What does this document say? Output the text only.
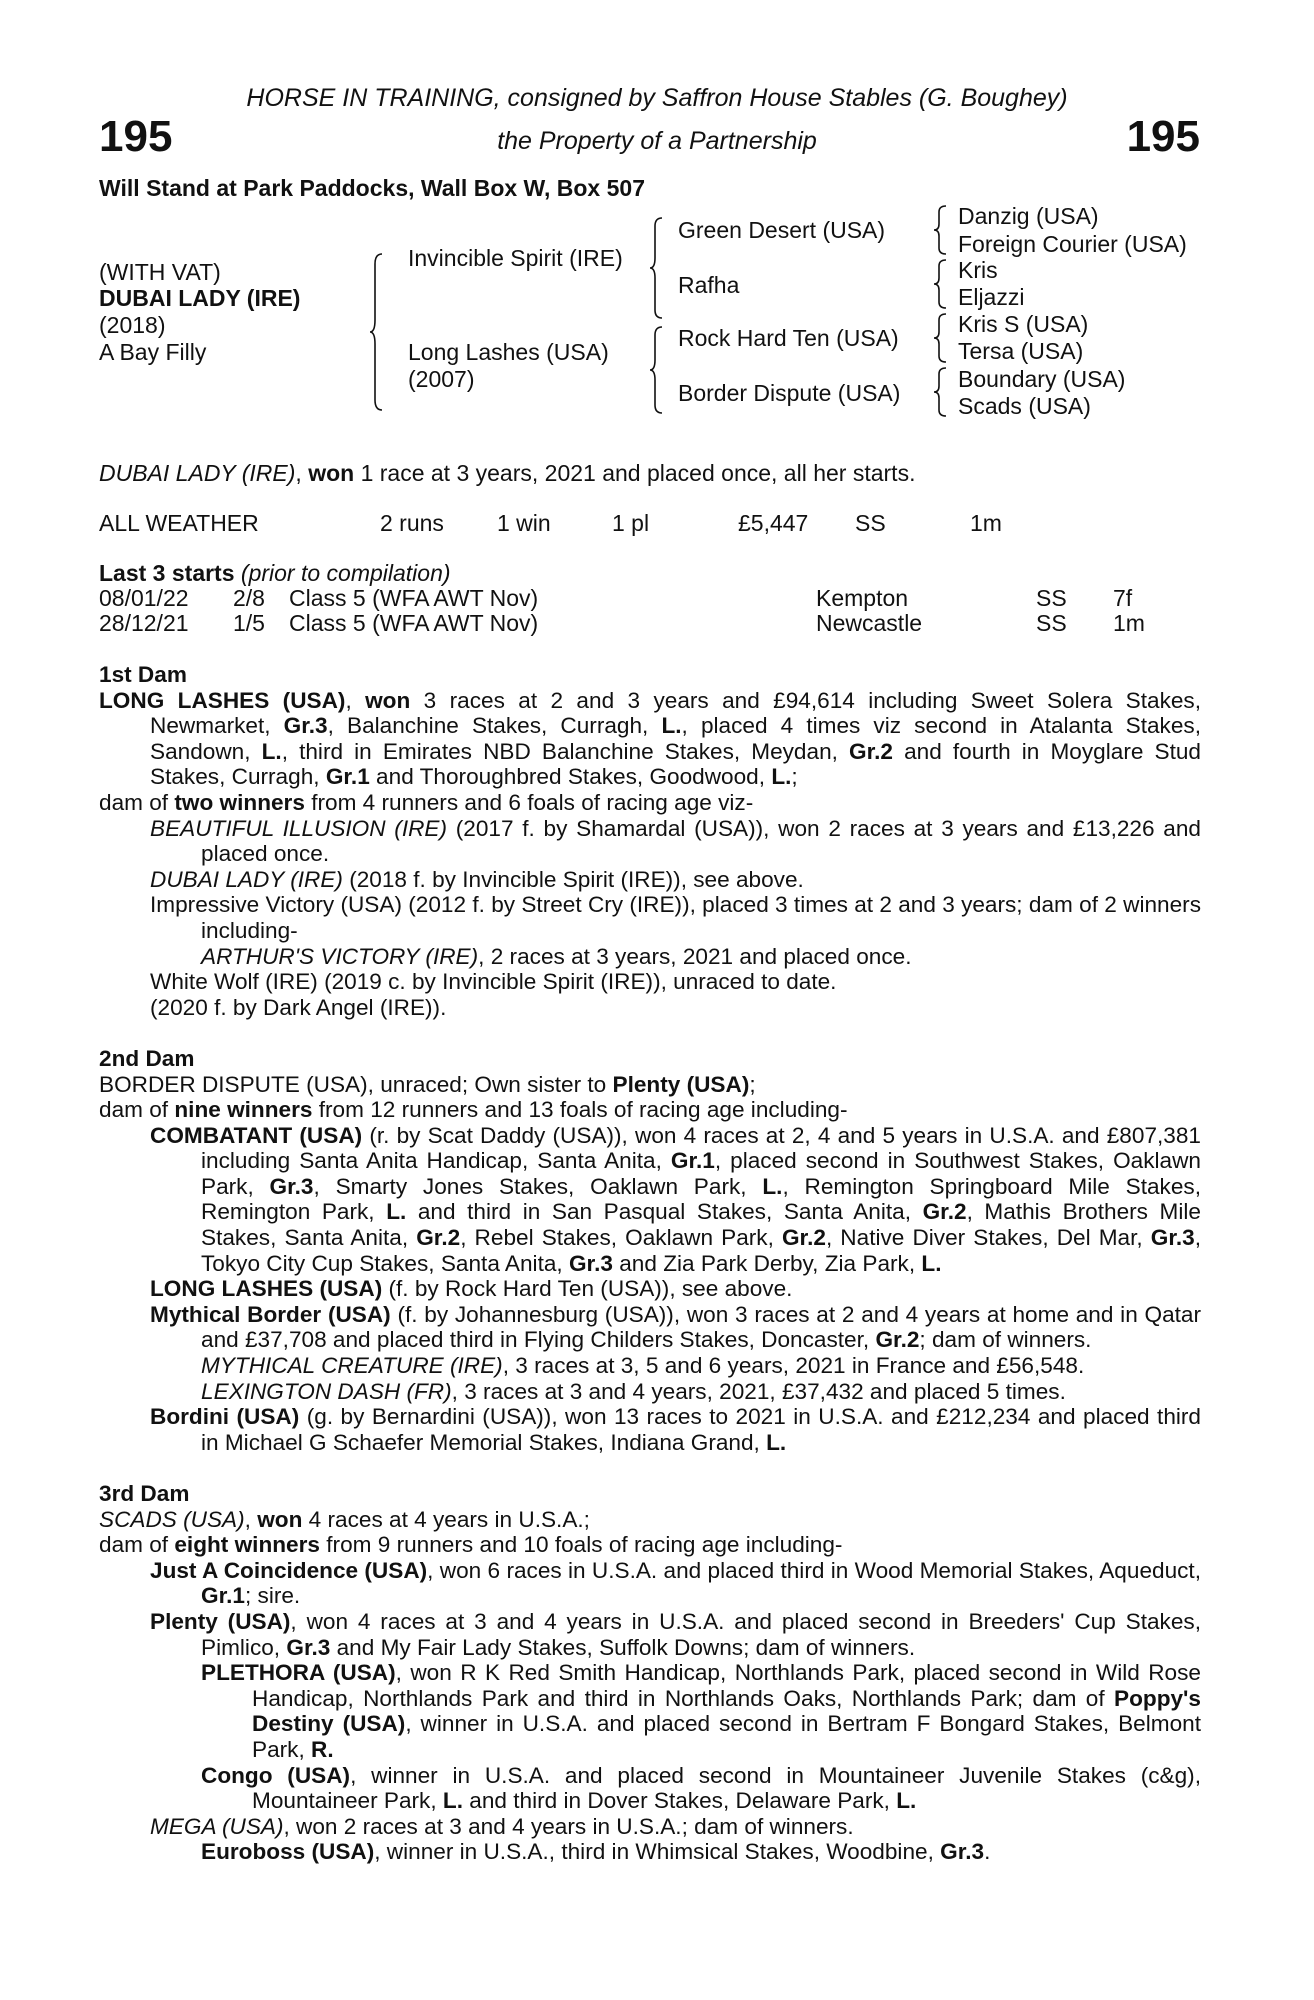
HORSE IN TRAINING, consigned by Saffron House Stables (G. Boughey)
the Property of a Partnership
195	195
Will Stand at Park Paddocks, Wall Box W, Box 507
(WITH VAT)
DUBAI LADY (IRE)
(2018)
A Bay Filly
Invincible Spirit (IRE)
Long Lashes (USA)
(2007)
Green Desert (USA)
Rafha
Rock Hard Ten (USA)
Border Dispute (USA)
Danzig (USA)
Foreign Courier (USA)
Kris
Eljazzi
Kris S (USA)
Tersa (USA)
Boundary (USA)
Scads (USA)
DUBAI LADY (IRE), won 1 race at 3 years, 2021 and placed once, all her starts.
ALL WEATHER	2 runs 1 win	1 pl	£5,447 SS	1m
Last 3 starts (prior to compilation)
08/01/22 2/8 Class 5 (WFA AWT Nov)	Kempton	SS 7f
28/12/21 1/5 Class 5 (WFA AWT Nov)	Newcastle	SS 1m
1st Dam
LONG LASHES (USA), won 3 races at 2 and 3 years and £94,614 including Sweet Solera Stakes, Newmarket, Gr.3, Balanchine Stakes, Curragh, L., placed 4 times viz second in Atalanta Stakes, Sandown, L., third in Emirates NBD Balanchine Stakes, Meydan, Gr.2 and fourth in Moyglare Stud Stakes, Curragh, Gr.1 and Thoroughbred Stakes, Goodwood, L.;
dam of two winners from 4 runners and 6 foals of racing age viz-
BEAUTIFUL ILLUSION (IRE) (2017 f. by Shamardal (USA)), won 2 races at 3 years and £13,226 and placed once.
DUBAI LADY (IRE) (2018 f. by Invincible Spirit (IRE)), see above.
Impressive Victory (USA) (2012 f. by Street Cry (IRE)), placed 3 times at 2 and 3 years; dam of 2 winners including-
ARTHUR'S VICTORY (IRE), 2 races at 3 years, 2021 and placed once.
White Wolf (IRE) (2019 c. by Invincible Spirit (IRE)), unraced to date.
(2020 f. by Dark Angel (IRE)).
2nd Dam
BORDER DISPUTE (USA), unraced; Own sister to Plenty (USA);
dam of nine winners from 12 runners and 13 foals of racing age including-
COMBATANT (USA) (r. by Scat Daddy (USA)), won 4 races at 2, 4 and 5 years in U.S.A. and £807,381 including Santa Anita Handicap, Santa Anita, Gr.1, placed second in Southwest Stakes, Oaklawn Park, Gr.3, Smarty Jones Stakes, Oaklawn Park, L., Remington Springboard Mile Stakes, Remington Park, L. and third in San Pasqual Stakes, Santa Anita, Gr.2, Mathis Brothers Mile Stakes, Santa Anita, Gr.2, Rebel Stakes, Oaklawn Park, Gr.2, Native Diver Stakes, Del Mar, Gr.3, Tokyo City Cup Stakes, Santa Anita, Gr.3 and Zia Park Derby, Zia Park, L.
LONG LASHES (USA) (f. by Rock Hard Ten (USA)), see above.
Mythical Border (USA) (f. by Johannesburg (USA)), won 3 races at 2 and 4 years at home and in Qatar and £37,708 and placed third in Flying Childers Stakes, Doncaster, Gr.2; dam of winners.
MYTHICAL CREATURE (IRE), 3 races at 3, 5 and 6 years, 2021 in France and £56,548.
LEXINGTON DASH (FR), 3 races at 3 and 4 years, 2021, £37,432 and placed 5 times.
Bordini (USA) (g. by Bernardini (USA)), won 13 races to 2021 in U.S.A. and £212,234 and placed third in Michael G Schaefer Memorial Stakes, Indiana Grand, L.
3rd Dam
SCADS (USA), won 4 races at 4 years in U.S.A.;
dam of eight winners from 9 runners and 10 foals of racing age including-
Just A Coincidence (USA), won 6 races in U.S.A. and placed third in Wood Memorial Stakes, Aqueduct, Gr.1; sire.
Plenty (USA), won 4 races at 3 and 4 years in U.S.A. and placed second in Breeders' Cup Stakes, Pimlico, Gr.3 and My Fair Lady Stakes, Suffolk Downs; dam of winners.
PLETHORA (USA), won R K Red Smith Handicap, Northlands Park, placed second in Wild Rose Handicap, Northlands Park and third in Northlands Oaks, Northlands Park; dam of Poppy's Destiny (USA), winner in U.S.A. and placed second in Bertram F Bongard Stakes, Belmont Park, R.
Congo (USA), winner in U.S.A. and placed second in Mountaineer Juvenile Stakes (c&g), Mountaineer Park, L. and third in Dover Stakes, Delaware Park, L.
MEGA (USA), won 2 races at 3 and 4 years in U.S.A.; dam of winners.
Euroboss (USA), winner in U.S.A., third in Whimsical Stakes, Woodbine, Gr.3.
